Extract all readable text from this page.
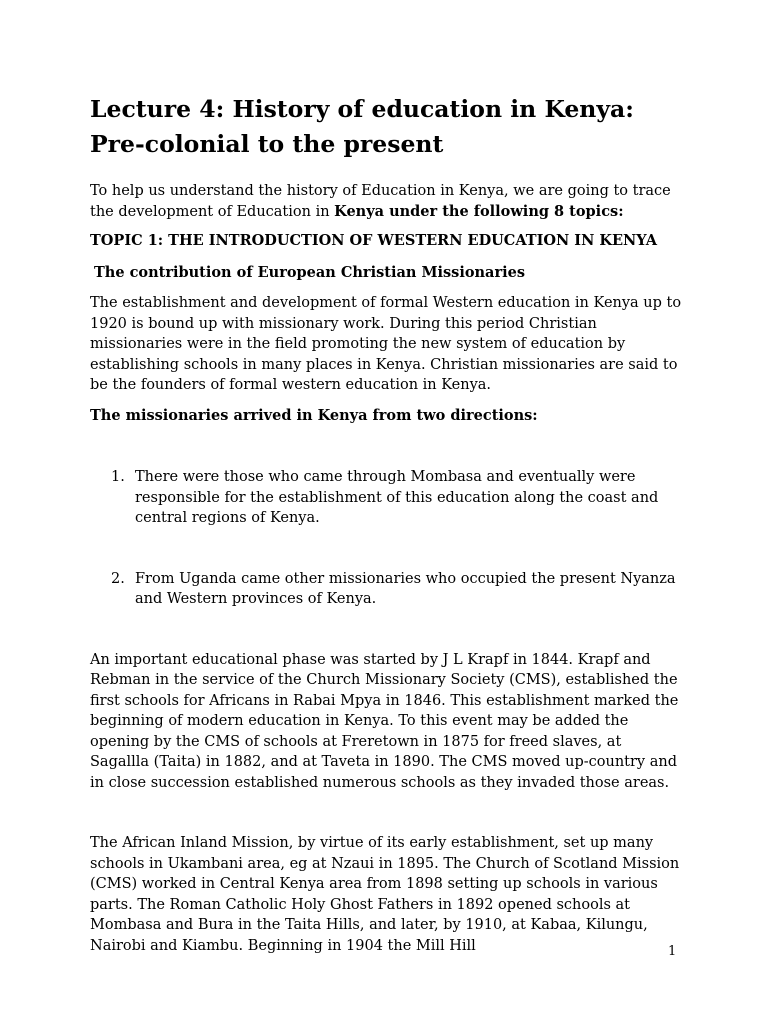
Lecture 4: History of education in Kenya: Pre-colonial to the present

To help us understand the history of Education in Kenya, we are going to trace the development of Education in Kenya under the following 8 topics:

TOPIC 1: THE INTRODUCTION OF WESTERN EDUCATION IN KENYA

The contribution of European Christian Missionaries

The establishment and development of formal Western education in Kenya up to 1920 is bound up with missionary work. During this period Christian missionaries were in the field promoting the new system of education by establishing schools in many places in Kenya. Christian missionaries are said to be the founders of formal western education in Kenya.

The missionaries arrived in Kenya from two directions:

1. There were those who came through Mombasa and eventually were responsible for the establishment of this education along the coast and central regions of Kenya.
2. From Uganda came other missionaries who occupied the present Nyanza and Western provinces of Kenya.

An important educational phase was started by J L Krapf in 1844. Krapf and Rebman in the service of the Church Missionary Society (CMS), established the first schools for Africans in Rabai Mpya in 1846. This establishment marked the beginning of modern education in Kenya. To this event may be added the opening by the CMS of schools at Freretown in 1875 for freed slaves, at Sagallla (Taita) in 1882, and at Taveta in 1890. The CMS moved up-country and in close succession established numerous schools as they invaded those areas.

The African Inland Mission, by virtue of its early establishment, set up many schools in Ukambani area, eg at Nzaui in 1895. The Church of Scotland Mission (CMS) worked in Central Kenya area from 1898 setting up schools in various parts. The Roman Catholic Holy Ghost Fathers in 1892 opened schools at Mombasa and Bura in the Taita Hills, and later, by 1910, at Kabaa, Kilungu, Nairobi and Kiambu. Beginning in 1904 the Mill Hill	1
